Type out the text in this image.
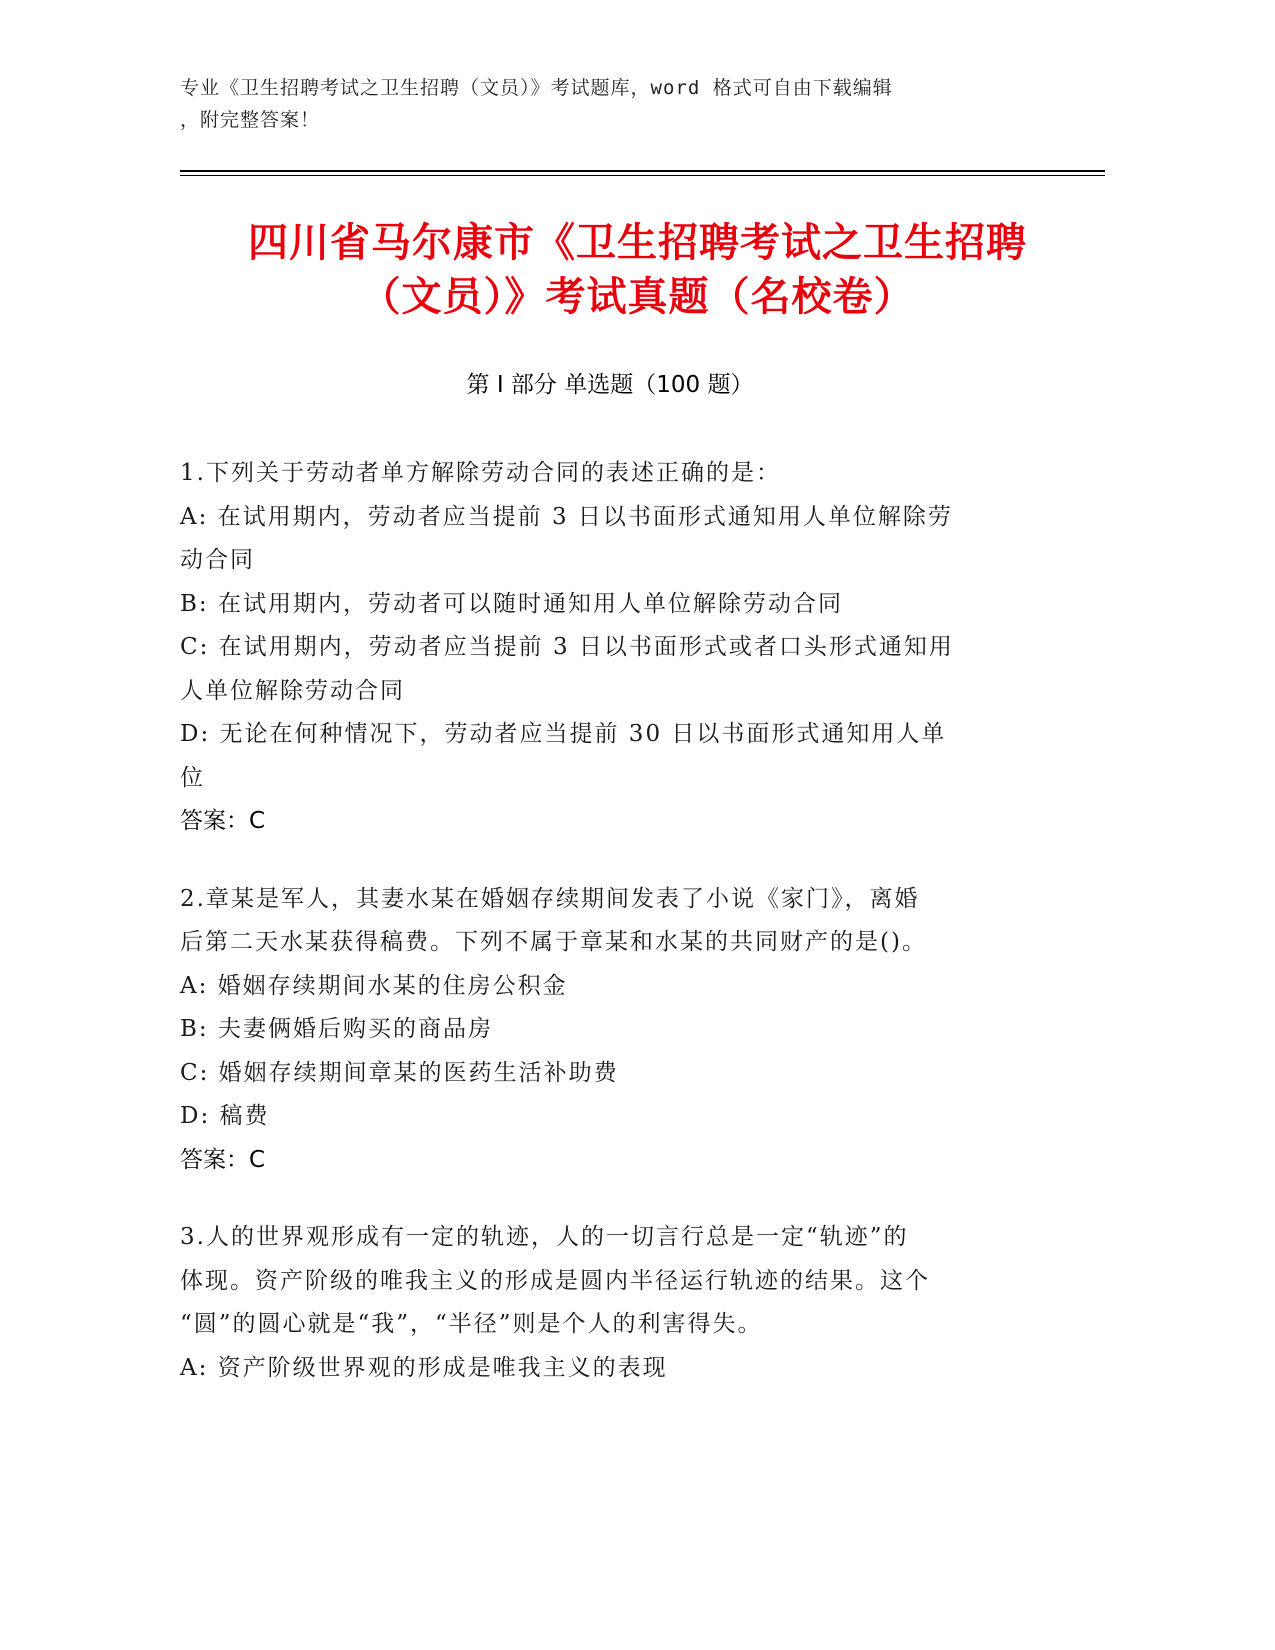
专业《卫生招聘考试之卫生招聘（文员）》考试题库，word 格式可自由下载编辑
，附完整答案！
四川省马尔康市《卫生招聘考试之卫生招聘
（文员）》考试真题（名校卷）
第 I 部分 单选题（100 题）
1.下列关于劳动者单方解除劳动合同的表述正确的是：
A: 在试用期内，劳动者应当提前 3 日以书面形式通知用人单位解除劳
动合同
B: 在试用期内，劳动者可以随时通知用人单位解除劳动合同
C: 在试用期内，劳动者应当提前 3 日以书面形式或者口头形式通知用
人单位解除劳动合同
D: 无论在何种情况下，劳动者应当提前 30 日以书面形式通知用人单
位
答案：C
2.章某是军人，其妻水某在婚姻存续期间发表了小说《家门》，离婚
后第二天水某获得稿费。下列不属于章某和水某的共同财产的是()。
A: 婚姻存续期间水某的住房公积金
B: 夫妻俩婚后购买的商品房
C: 婚姻存续期间章某的医药生活补助费
D: 稿费
答案：C
3.人的世界观形成有一定的轨迹，人的一切言行总是一定“轨迹”的
体现。资产阶级的唯我主义的形成是圆内半径运行轨迹的结果。这个
“圆”的圆心就是“我”，“半径”则是个人的利害得失。
A: 资产阶级世界观的形成是唯我主义的表现
